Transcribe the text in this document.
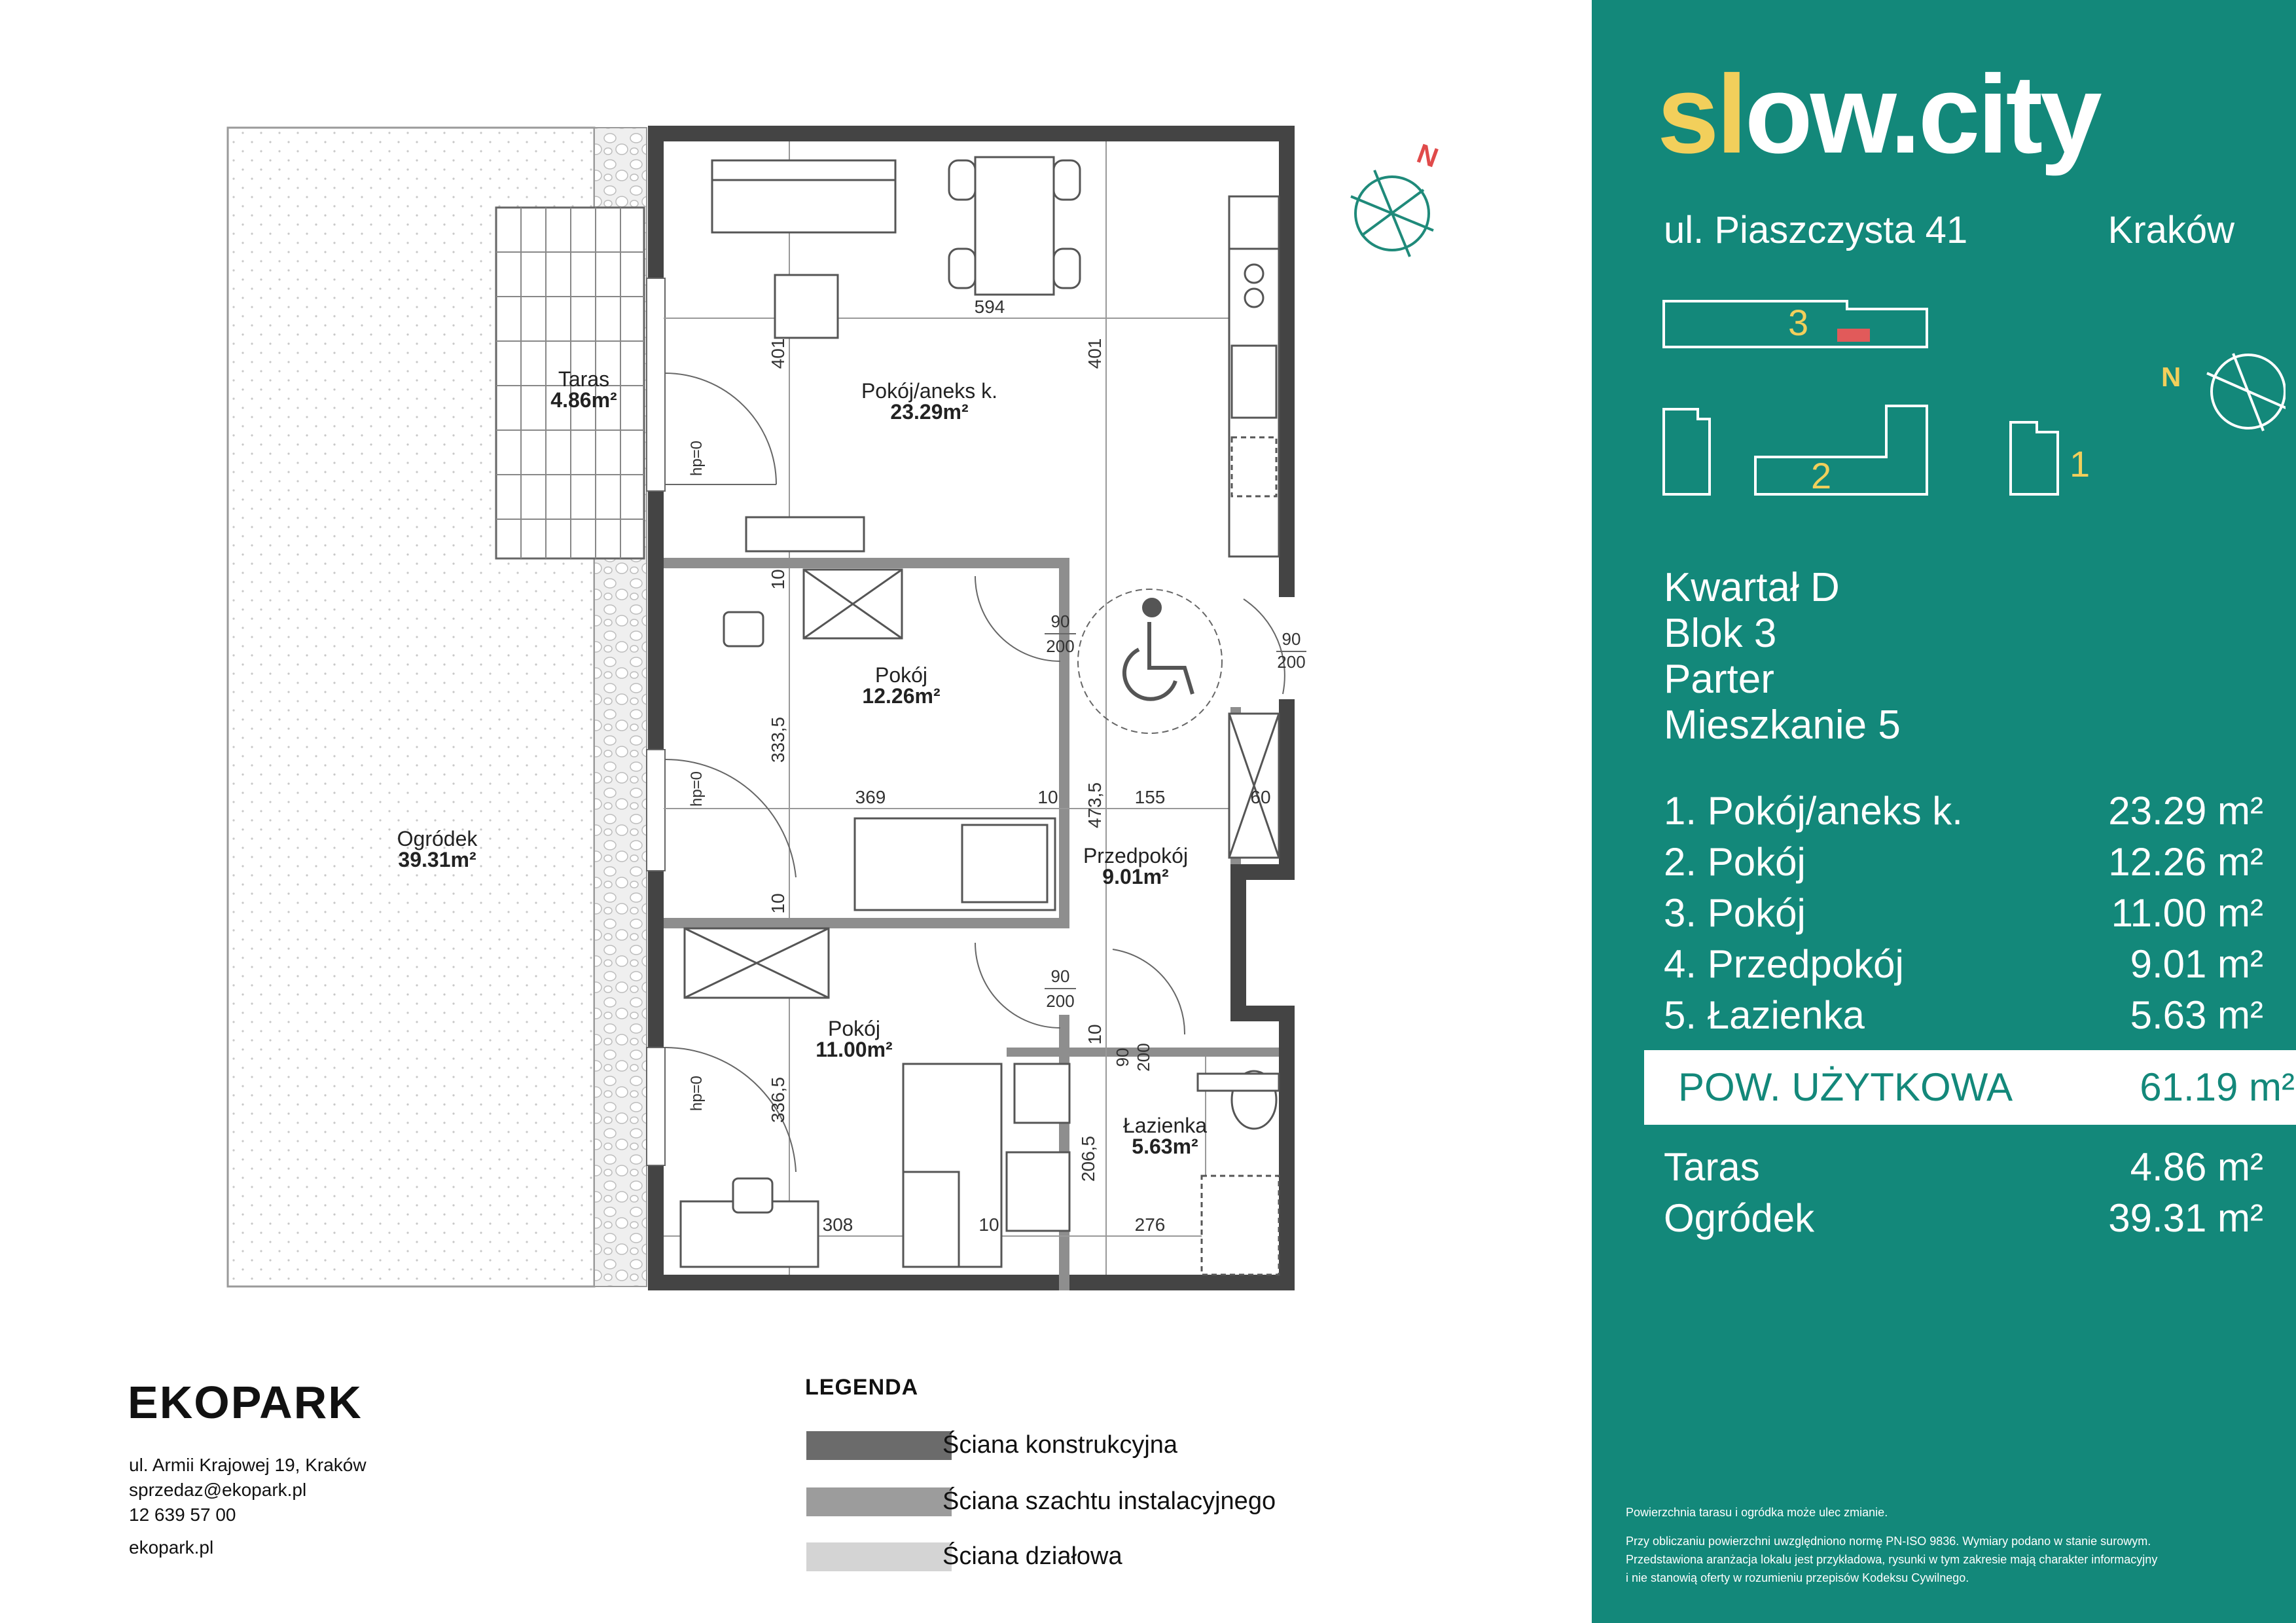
N
Pokój/aneks k.
23.29m²
Pokój
12.26m²
Pokój
11.00m²
Przedpokój
9.01m²
Łazienka
5.63m²
Taras
4.86m²
Ogródek
39.31m²
594
401	401
10
333,5
369	10 473,5 155	60
10
336,5
308	10	276
206,5
10
90
200	90
200
90
200
90 200
hp=0
hp=0
hp=0
slow.city
ul. Piaszczysta 41	Kraków
3
2	1
N
Kwartał D
Blok 3
Parter
Mieszkanie 5
1. Pokój/aneks k.	23.29 m²
2. Pokój	12.26 m²
3. Pokój	11.00 m²
4. Przedpokój	9.01 m²
5. Łazienka	5.63 m²
POW. UŻYTKOWA	61.19 m²
Taras	4.86 m²
Ogródek	39.31 m²
Powierzchnia tarasu i ogródka może ulec zmianie.
Przy obliczaniu powierzchni uwzględniono normę PN-ISO 9836. Wymiary podano w stanie surowym.
Przedstawiona aranżacja lokalu jest przykładowa, rysunki w tym zakresie mają charakter informacyjny
i nie stanowią oferty w rozumieniu przepisów Kodeksu Cywilnego.
EKOPARK
ul. Armii Krajowej 19, Kraków
sprzedaz@ekopark.pl
12 639 57 00
ekopark.pl
LEGENDA
Ściana konstrukcyjna
Ściana szachtu instalacyjnego
Ściana działowa
